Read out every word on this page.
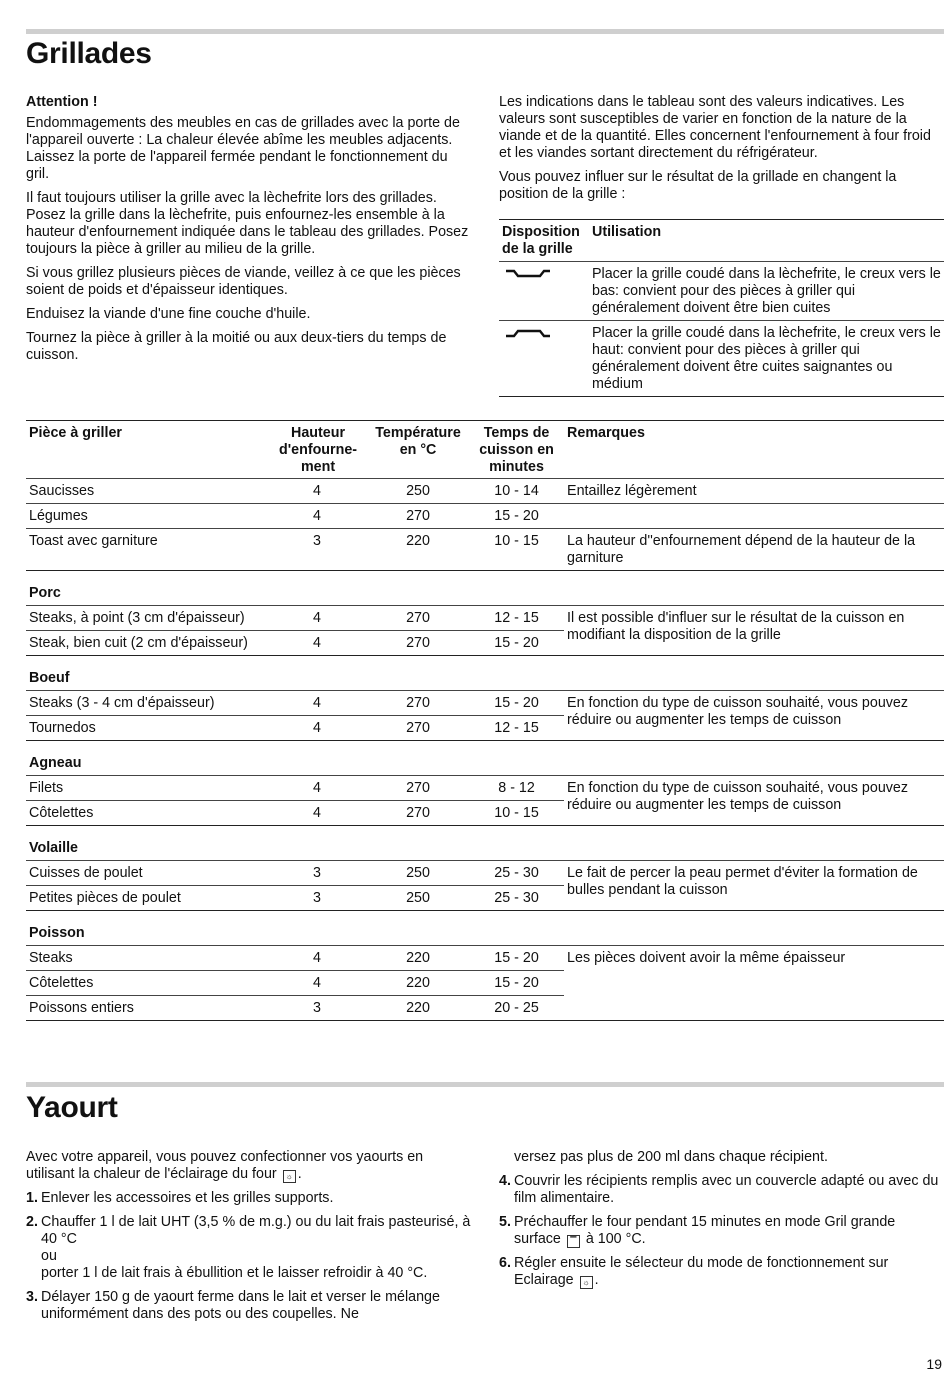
Grillades

Attention !

Endommagements des meubles en cas de grillades avec la porte de l'appareil ouverte : La chaleur élevée abîme les meubles adjacents. Laissez la porte de l'appareil fermée pendant le fonctionnement du gril.

Il faut toujours utiliser la grille avec la lèchefrite lors des grillades. Posez la grille dans la lèchefrite, puis enfournez-les ensemble à la hauteur d'enfournement indiquée dans le tableau des grillades. Posez toujours la pièce à griller au milieu de la grille.

Si vous grillez plusieurs pièces de viande, veillez à ce que les pièces soient de poids et d'épaisseur identiques.

Enduisez la viande d'une fine couche d'huile.

Tournez la pièce à griller à la moitié ou aux deux-tiers du temps de cuisson.

Les indications dans le tableau sont des valeurs indicatives. Les valeurs sont susceptibles de varier en fonction de la nature de la viande et de la quantité. Elles concernent l'enfournement à four froid et les viandes sortant directement du réfrigérateur.

Vous pouvez influer sur le résultat de la grillade en changent la position de la grille :

Disposition de la grille	Utilisation
	Placer la grille coudé dans la lèchefrite, le creux vers le bas: convient pour des pièces à griller qui généralement doivent être bien cuites
	Placer la grille coudé dans la lèchefrite, le creux vers le haut: convient pour des pièces à griller qui généralement doivent être cuites saignantes ou médium
Pièce à griller	Hauteur d'enfourne-ment	Température en °C	Temps de cuisson en minutes	Remarques
Saucisses	4	250	10 - 14	Entaillez légèrement
Légumes	4	270	15 - 20	
Toast avec garniture	3	220	10 - 15	La hauteur d''enfournement dépend de la hauteur de la garniture
Porc				
Steaks, à point (3 cm d'épaisseur)	4	270	12 - 15	Il est possible d'influer sur le résultat de la cuisson en modifiant la disposition de la grille
Steak, bien cuit (2 cm d'épaisseur)	4	270	15 - 20	
Boeuf				
Steaks (3 - 4 cm d'épaisseur)	4	270	15 - 20	En fonction du type de cuisson souhaité, vous pouvez réduire ou augmenter les temps de cuisson
Tournedos	4	270	12 - 15	
Agneau				
Filets	4	270	8 - 12	En fonction du type de cuisson souhaité, vous pouvez réduire ou augmenter les temps de cuisson
Côtelettes	4	270	10 - 15	
Volaille				
Cuisses de poulet	3	250	25 - 30	Le fait de percer la peau permet d'éviter la formation de bulles pendant la cuisson
Petites pièces de poulet	3	250	25 - 30	
Poisson				
Steaks	4	220	15 - 20	Les pièces doivent avoir la même épaisseur
Côtelettes	4	220	15 - 20	
Poissons entiers	3	220	20 - 25	
Yaourt

Avec votre appareil, vous pouvez confectionner vos yaourts en utilisant la chaleur de l'éclairage du four ☼ .

1. Enlever les accessoires et les grilles supports.
2. Chauffer 1 l de lait UHT (3,5 % de m.g.) ou du lait frais pasteurisé, à 40 °C
ou
porter 1 l de lait frais à ébullition et le laisser refroidir à 40 °C.
3. Délayer 150 g de yaourt ferme dans le lait et verser le mélange uniformément dans des pots ou des coupelles. Ne
versez pas plus de 200 ml dans chaque récipient.
4. Couvrir les récipients remplis avec un couvercle adapté ou avec du film alimentaire.
5. Préchauffer le four pendant 15 minutes en mode Gril grande surface ▔ à 100 °C.
6. Régler ensuite le sélecteur du mode de fonctionnement sur Eclairage ☼ .
19
